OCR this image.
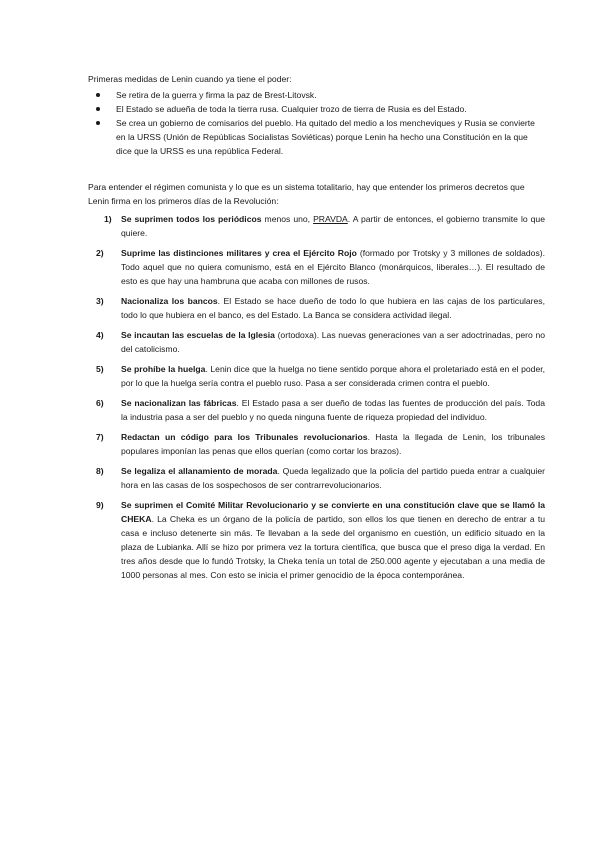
Primeras medidas de Lenin cuando ya tiene el poder:

Se retira de la guerra y firma la paz de Brest-Litovsk.
El Estado se adueña de toda la tierra rusa. Cualquier trozo de tierra de Rusia es del Estado.
Se crea un gobierno de comisarios del pueblo. Ha quitado del medio a los mencheviques y Rusia se convierte en la URSS (Unión de Repúblicas Socialistas Soviéticas) porque Lenin ha hecho una Constitución en la que dice que la URSS es una república Federal.

Para entender el régimen comunista y lo que es un sistema totalitario, hay que entender los primeros decretos que Lenin firma en los primeros días de la Revolución:

1) Se suprimen todos los periódicos menos uno, PRAVDA. A partir de entonces, el gobierno transmite lo que quiere.
2) Suprime las distinciones militares y crea el Ejército Rojo (formado por Trotsky y 3 millones de soldados). Todo aquel que no quiera comunismo, está en el Ejército Blanco (monárquicos, liberales…). El resultado de esto es que hay una hambruna que acaba con millones de rusos.
3) Nacionaliza los bancos. El Estado se hace dueño de todo lo que hubiera en las cajas de los particulares, todo lo que hubiera en el banco, es del Estado. La Banca se considera actividad ilegal.
4) Se incautan las escuelas de la Iglesia (ortodoxa). Las nuevas generaciones van a ser adoctrinadas, pero no del catolicismo.
5) Se prohíbe la huelga. Lenin dice que la huelga no tiene sentido porque ahora el proletariado está en el poder, por lo que la huelga sería contra el pueblo ruso. Pasa a ser considerada crimen contra el pueblo.
6) Se nacionalizan las fábricas. El Estado pasa a ser dueño de todas las fuentes de producción del país. Toda la industria pasa a ser del pueblo y no queda ninguna fuente de riqueza propiedad del individuo.
7) Redactan un código para los Tribunales revolucionarios. Hasta la llegada de Lenin, los tribunales populares imponían las penas que ellos querían (como cortar los brazos).
8) Se legaliza el allanamiento de morada. Queda legalizado que la policía del partido pueda entrar a cualquier hora en las casas de los sospechosos de ser contrarrevolucionarios.
9) Se suprimen el Comité Militar Revolucionario y se convierte en una constitución clave que se llamó la CHEKA. La Cheka es un órgano de la policía de partido, son ellos los que tienen en derecho de entrar a tu casa e incluso detenerte sin más. Te llevaban a la sede del organismo en cuestión, un edificio situado en la plaza de Lubianka. Allí se hizo por primera vez la tortura científica, que busca que el preso diga la verdad. En tres años desde que lo fundó Trotsky, la Cheka tenía un total de 250.000 agente y ejecutaban a una media de 1000 personas al mes. Con esto se inicia el primer genocidio de la época contemporánea.
